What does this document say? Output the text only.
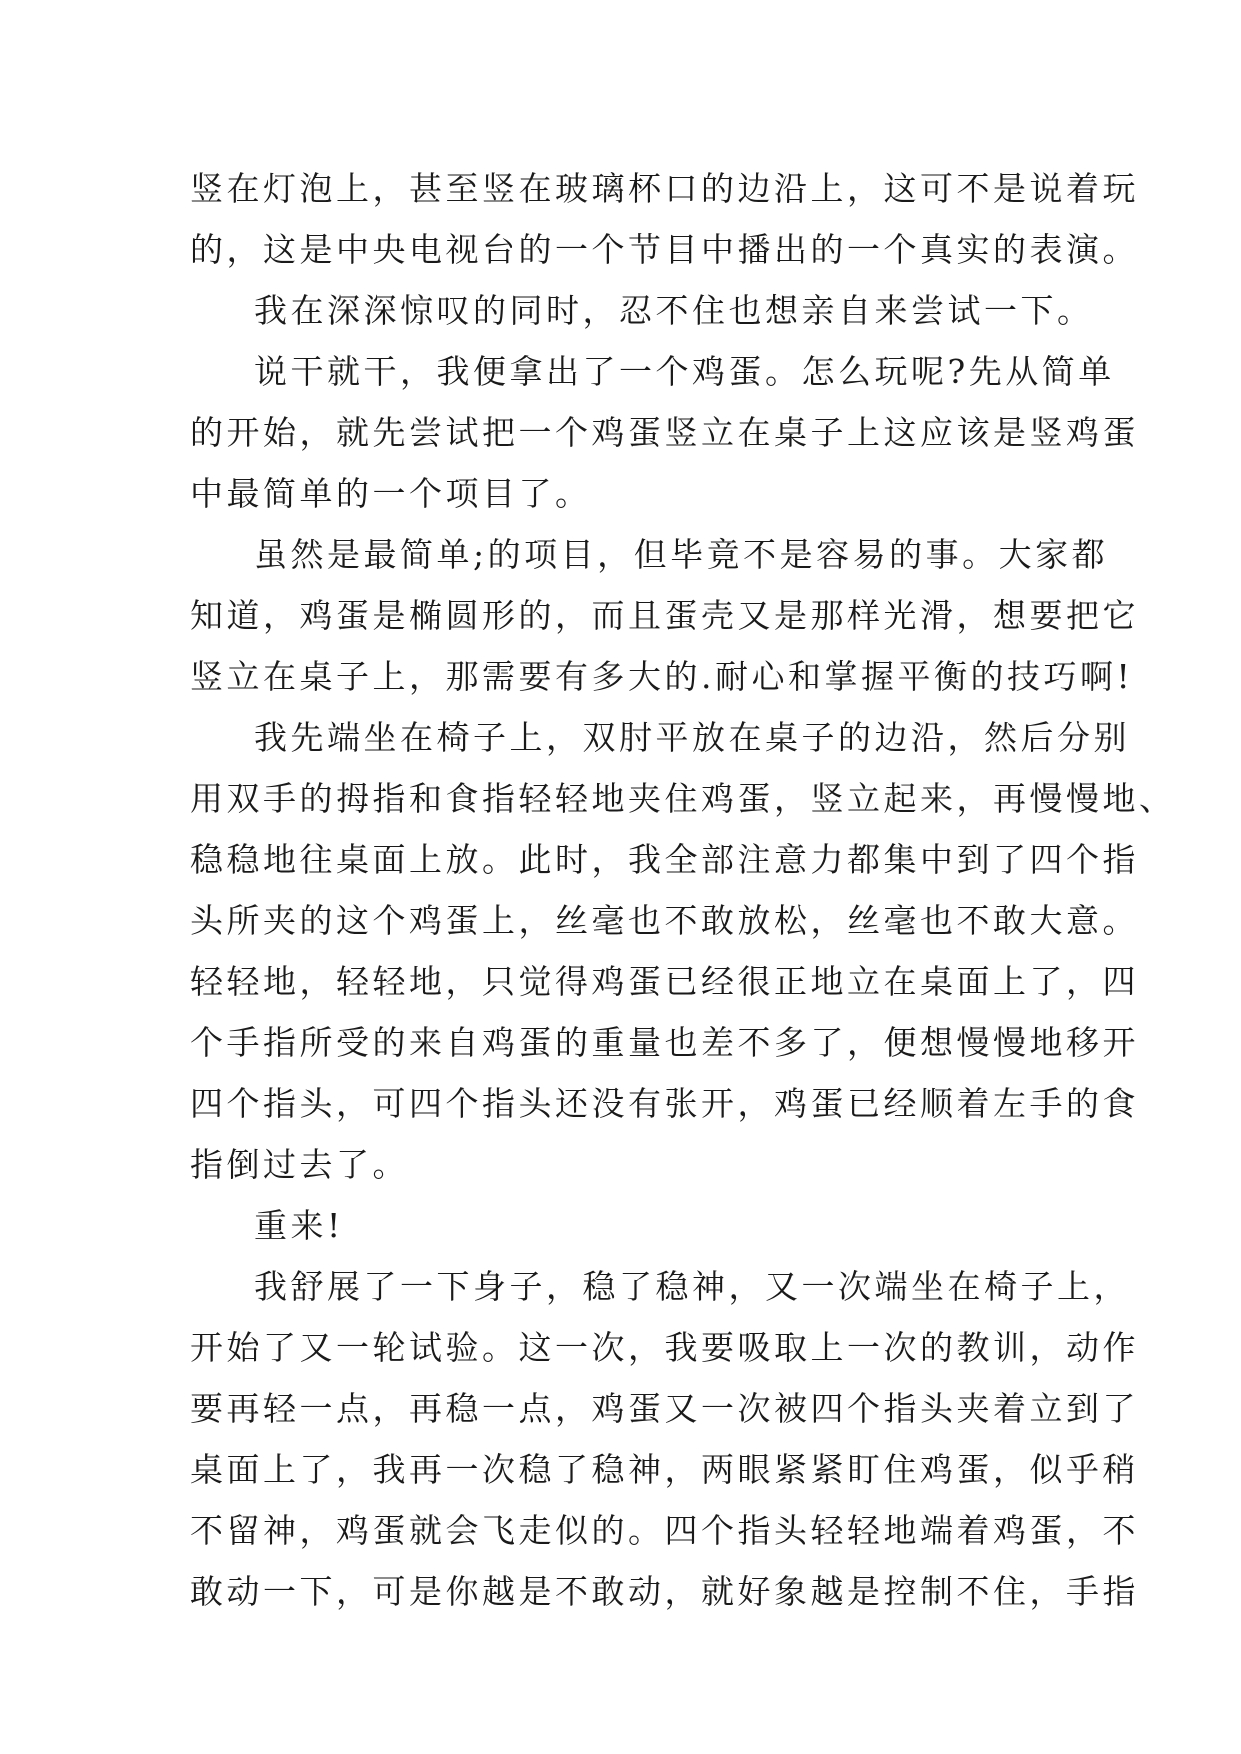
竖在灯泡上，甚至竖在玻璃杯口的边沿上，这可不是说着玩
的，这是中央电视台的一个节目中播出的一个真实的表演。
我在深深惊叹的同时，忍不住也想亲自来尝试一下。
说干就干，我便拿出了一个鸡蛋。怎么玩呢?先从简单
的开始，就先尝试把一个鸡蛋竖立在桌子上这应该是竖鸡蛋
中最简单的一个项目了。
虽然是最简单;的项目，但毕竟不是容易的事。大家都
知道，鸡蛋是椭圆形的，而且蛋壳又是那样光滑，想要把它
竖立在桌子上，那需要有多大的.耐心和掌握平衡的技巧啊!
我先端坐在椅子上，双肘平放在桌子的边沿，然后分别
用双手的拇指和食指轻轻地夹住鸡蛋，竖立起来，再慢慢地、
稳稳地往桌面上放。此时，我全部注意力都集中到了四个指
头所夹的这个鸡蛋上，丝毫也不敢放松，丝毫也不敢大意。
轻轻地，轻轻地，只觉得鸡蛋已经很正地立在桌面上了，四
个手指所受的来自鸡蛋的重量也差不多了，便想慢慢地移开
四个指头，可四个指头还没有张开，鸡蛋已经顺着左手的食
指倒过去了。
重来!
我舒展了一下身子，稳了稳神，又一次端坐在椅子上，
开始了又一轮试验。这一次，我要吸取上一次的教训，动作
要再轻一点，再稳一点，鸡蛋又一次被四个指头夹着立到了
桌面上了，我再一次稳了稳神，两眼紧紧盯住鸡蛋，似乎稍
不留神，鸡蛋就会飞走似的。四个指头轻轻地端着鸡蛋，不
敢动一下，可是你越是不敢动，就好象越是控制不住，手指
